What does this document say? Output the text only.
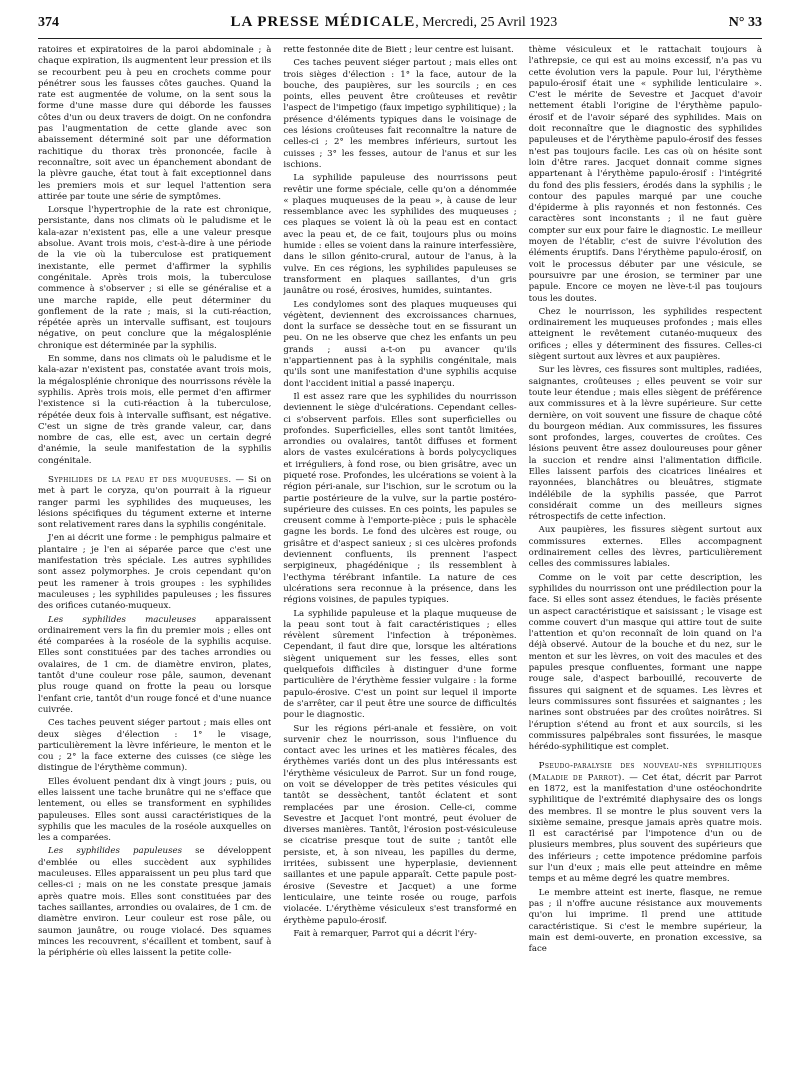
374	LA PRESSE MÉDICALE, Mercredi, 25 Avril 1923	N° 33

ratoires et expiratoires de la paroi abdominale ; à chaque expiration, ils augmentent leur pression et ils se recourbent peu à peu en crochets comme pour pénétrer sous les fausses côtes gauches. Quand la rate est augmentée de volume, on la sent sous la forme d'une masse dure qui déborde les fausses côtes d'un ou deux travers de doigt. On ne confondra pas l'augmentation de cette glande avec son abaissement déterminé soit par une déformation rachitique du thorax très prononcée, facile à reconnaître, soit avec un épanchement abondant de la plèvre gauche, état tout à fait exceptionnel dans les premiers mois et sur lequel l'attention sera attirée par toute une série de symptômes.

Lorsque l'hypertrophie de la rate est chronique, persistante, dans nos climats où le paludisme et le kala-azar n'existent pas, elle a une valeur presque absolue. Avant trois mois, c'est-à-dire à une période de la vie où la tuberculose est pratiquement inexistante, elle permet d'affirmer la syphilis congénitale. Après trois mois, la tuberculose commence à s'observer ; si elle se généralise et a une marche rapide, elle peut déterminer du gonflement de la rate ; mais, si la cuti-réaction, répétée après un intervalle suffisant, est toujours négative, on peut conclure que la mégalosplénie chronique est déterminée par la syphilis.

En somme, dans nos climats où le paludisme et le kala-azar n'existent pas, constatée avant trois mois, la mégalosplénie chronique des nourrissons révèle la syphilis. Après trois mois, elle permet d'en affirmer l'existence si la cuti-réaction à la tuberculose, répétée deux fois à intervalle suffisant, est négative. C'est un signe de très grande valeur, car, dans nombre de cas, elle est, avec un certain degré d'anémie, la seule manifestation de la syphilis congénitale.

Syphilides de la peau et des muqueuses. — Si on met à part le coryza, qu'on pourrait à la rigueur ranger parmi les syphilides des muqueuses, les lésions spécifiques du tégument externe et interne sont relativement rares dans la syphilis congénitale.

J'en ai décrit une forme : le pemphigus palmaire et plantaire ; je l'en ai séparée parce que c'est une manifestation très spéciale. Les autres syphilides sont assez polymorphes. Je crois cependant qu'on peut les ramener à trois groupes : les syphilides maculeuses ; les syphilides papuleuses ; les fissures des orifices cutanéo-muqueux.

Les syphilides maculeuses apparaissent ordinairement vers la fin du premier mois ; elles ont été comparées à la roséole de la syphilis acquise. Elles sont constituées par des taches arrondies ou ovalaires, de 1 cm. de diamètre environ, plates, tantôt d'une couleur rose pâle, saumon, devenant plus rouge quand on frotte la peau ou lorsque l'enfant crie, tantôt d'un rouge foncé et d'une nuance cuivrée.

Ces taches peuvent siéger partout ; mais elles ont deux sièges d'élection : 1° le visage, particulièrement la lèvre inférieure, le menton et le cou ; 2° la face externe des cuisses (ce siège les distingue de l'érythème commun).

Elles évoluent pendant dix à vingt jours ; puis, ou elles laissent une tache brunâtre qui ne s'efface que lentement, ou elles se transforment en syphilides papuleuses. Elles sont aussi caractéristiques de la syphilis que les macules de la roséole auxquelles on les a comparées.

Les syphilides papuleuses se développent d'emblée ou elles succèdent aux syphilides maculeuses. Elles apparaissent un peu plus tard que celles-ci ; mais on ne les constate presque jamais après quatre mois. Elles sont constituées par des taches saillantes, arrondies ou ovalaires, de 1 cm. de diamètre environ. Leur couleur est rose pâle, ou saumon jaunâtre, ou rouge violacé. Des squames minces les recouvrent, s'écaillent et tombent, sauf à la périphérie où elles laissent la petite colle-

rette festonnée dite de Biett ; leur centre est luisant.

Ces taches peuvent siéger partout ; mais elles ont trois sièges d'élection : 1° la face, autour de la bouche, des paupières, sur les sourcils ; en ces points, elles peuvent être croûteuses et revêtir l'aspect de l'impetigo (faux impetigo syphilitique) ; la présence d'éléments typiques dans le voisinage de ces lésions croûteuses fait reconnaître la nature de celles-ci ; 2° les membres inférieurs, surtout les cuisses ; 3° les fesses, autour de l'anus et sur les ischions.

La syphilide papuleuse des nourrissons peut revêtir une forme spéciale, celle qu'on a dénommée « plaques muqueuses de la peau », à cause de leur ressemblance avec les syphilides des muqueuses ; ces plaques se voient là où la peau est en contact avec la peau et, de ce fait, toujours plus ou moins humide : elles se voient dans la rainure interfessière, dans le sillon génito-crural, autour de l'anus, à la vulve. En ces régions, les syphilides papuleuses se transforment en plaques saillantes, d'un gris jaunâtre ou rosé, érosives, humides, suintantes.

Les condylomes sont des plaques muqueuses qui végètent, deviennent des excroissances charnues, dont la surface se dessèche tout en se fissurant un peu. On ne les observe que chez les enfants un peu grands ; aussi a-t-on pu avancer qu'ils n'appartiennent pas à la syphilis congénitale, mais qu'ils sont une manifestation d'une syphilis acquise dont l'accident initial a passé inaperçu.

Il est assez rare que les syphilides du nourrisson deviennent le siège d'ulcérations. Cependant celles-ci s'observent parfois. Elles sont superficielles ou profondes. Superficielles, elles sont tantôt limitées, arrondies ou ovalaires, tantôt diffuses et forment alors de vastes exulcérations à bords polycycliques et irréguliers, à fond rose, ou bien grisâtre, avec un piqueté rose. Profondes, les ulcérations se voient à la région péri-anale, sur l'ischion, sur le scrotum ou la partie postérieure de la vulve, sur la partie postéro-supérieure des cuisses. En ces points, les papules se creusent comme à l'emporte-pièce ; puis le sphacèle gagne les bords. Le fond des ulcères est rouge, ou grisâtre et d'aspect sanieux ; si ces ulcères profonds deviennent confluents, ils prennent l'aspect serpigineux, phagédénique ; ils ressemblent à l'ecthyma térébrant infantile. La nature de ces ulcérations sera reconnue à la présence, dans les régions voisines, de papules typiques.

La syphilide papuleuse et la plaque muqueuse de la peau sont tout à fait caractéristiques ; elles révèlent sûrement l'infection à tréponèmes. Cependant, il faut dire que, lorsque les altérations siègent uniquement sur les fesses, elles sont quelquefois difficiles à distinguer d'une forme particulière de l'érythème fessier vulgaire : la forme papulo-érosive. C'est un point sur lequel il importe de s'arrêter, car il peut être une source de difficultés pour le diagnostic.

Sur les régions péri-anale et fessière, on voit survenir chez le nourrisson, sous l'influence du contact avec les urines et les matières fécales, des érythèmes variés dont un des plus intéressants est l'érythème vésiculeux de Parrot. Sur un fond rouge, on voit se développer de très petites vésicules qui tantôt se dessèchent, tantôt éclatent et sont remplacées par une érosion. Celle-ci, comme Sevestre et Jacquet l'ont montré, peut évoluer de diverses manières. Tantôt, l'érosion post-vésiculeuse se cicatrise presque tout de suite ; tantôt elle persiste, et, à son niveau, les papilles du derme, irritées, subissent une hyperplasie, deviennent saillantes et une papule apparaît. Cette papule post-érosive (Sevestre et Jacquet) a une forme lenticulaire, une teinte rosée ou rouge, parfois violacée. L'érythème vésiculeux s'est transformé en érythème papulo-érosif.

Fait à remarquer, Parrot qui a décrit l'éry-

thème vésiculeux et le rattachait toujours à l'athrepsie, ce qui est au moins excessif, n'a pas vu cette évolution vers la papule. Pour lui, l'érythème papulo-érosif était une « syphilide lenticulaire ». C'est le mérite de Sevestre et Jacquet d'avoir nettement établi l'origine de l'érythème papulo-érosif et de l'avoir séparé des syphilides. Mais on doit reconnaître que le diagnostic des syphilides papuleuses et de l'érythème papulo-érosif des fesses n'est pas toujours facile. Les cas où on hésite sont loin d'être rares. Jacquet donnait comme signes appartenant à l'érythème papulo-érosif : l'intégrité du fond des plis fessiers, érodés dans la syphilis ; le contour des papules marqué par une couche d'épiderme à plis rayonnés et non festonnés. Ces caractères sont inconstants ; il ne faut guère compter sur eux pour faire le diagnostic. Le meilleur moyen de l'établir, c'est de suivre l'évolution des éléments éruptifs. Dans l'érythème papulo-érosif, on voit le processus débuter par une vésicule, se poursuivre par une érosion, se terminer par une papule. Encore ce moyen ne lève-t-il pas toujours tous les doutes.

Chez le nourrisson, les syphilides respectent ordinairement les muqueuses profondes ; mais elles atteignent le revêtement cutanéo-muqueux des orifices ; elles y déterminent des fissures. Celles-ci siègent surtout aux lèvres et aux paupières.

Sur les lèvres, ces fissures sont multiples, radiées, saignantes, croûteuses ; elles peuvent se voir sur toute leur étendue ; mais elles siègent de préférence aux commissures et à la lèvre supérieure. Sur cette dernière, on voit souvent une fissure de chaque côté du bourgeon médian. Aux commissures, les fissures sont profondes, larges, couvertes de croûtes. Ces lésions peuvent être assez douloureuses pour gêner la succion et rendre ainsi l'alimentation difficile. Elles laissent parfois des cicatrices linéaires et rayonnées, blanchâtres ou bleuâtres, stigmate indélébile de la syphilis passée, que Parrot considérait comme un des meilleurs signes rétrospectifs de cette infection.

Aux paupières, les fissures siègent surtout aux commissures externes. Elles accompagnent ordinairement celles des lèvres, particulièrement celles des commissures labiales.

Comme on le voit par cette description, les syphilides du nourrisson ont une prédilection pour la face. Si elles sont assez étendues, le faciès présente un aspect caractéristique et saisissant ; le visage est comme couvert d'un masque qui attire tout de suite l'attention et qu'on reconnaît de loin quand on l'a déjà observé. Autour de la bouche et du nez, sur le menton et sur les lèvres, on voit des macules et des papules presque confluentes, formant une nappe rouge sale, d'aspect barbouillé, recouverte de fissures qui saignent et de squames. Les lèvres et leurs commissures sont fissurées et saignantes ; les narines sont obstruées par des croûtes noirâtres. Si l'éruption s'étend au front et aux sourcils, si les commissures palpébrales sont fissurées, le masque hérédo-syphilitique est complet.

Pseudo-paralysie des nouveau-nés syphilitiques (Maladie de Parrot). — Cet état, décrit par Parrot en 1872, est la manifestation d'une ostéochondrite syphilitique de l'extrémité diaphysaire des os longs des membres. Il se montre le plus souvent vers la sixième semaine, presque jamais après quatre mois. Il est caractérisé par l'impotence d'un ou de plusieurs membres, plus souvent des supérieurs que des inférieurs ; cette impotence prédomine parfois sur l'un d'eux ; mais elle peut atteindre en même temps et au même degré les quatre membres.

Le membre atteint est inerte, flasque, ne remue pas ; il n'offre aucune résistance aux mouvements qu'on lui imprime. Il prend une attitude caractéristique. Si c'est le membre supérieur, la main est demi-ouverte, en pronation excessive, sa face
